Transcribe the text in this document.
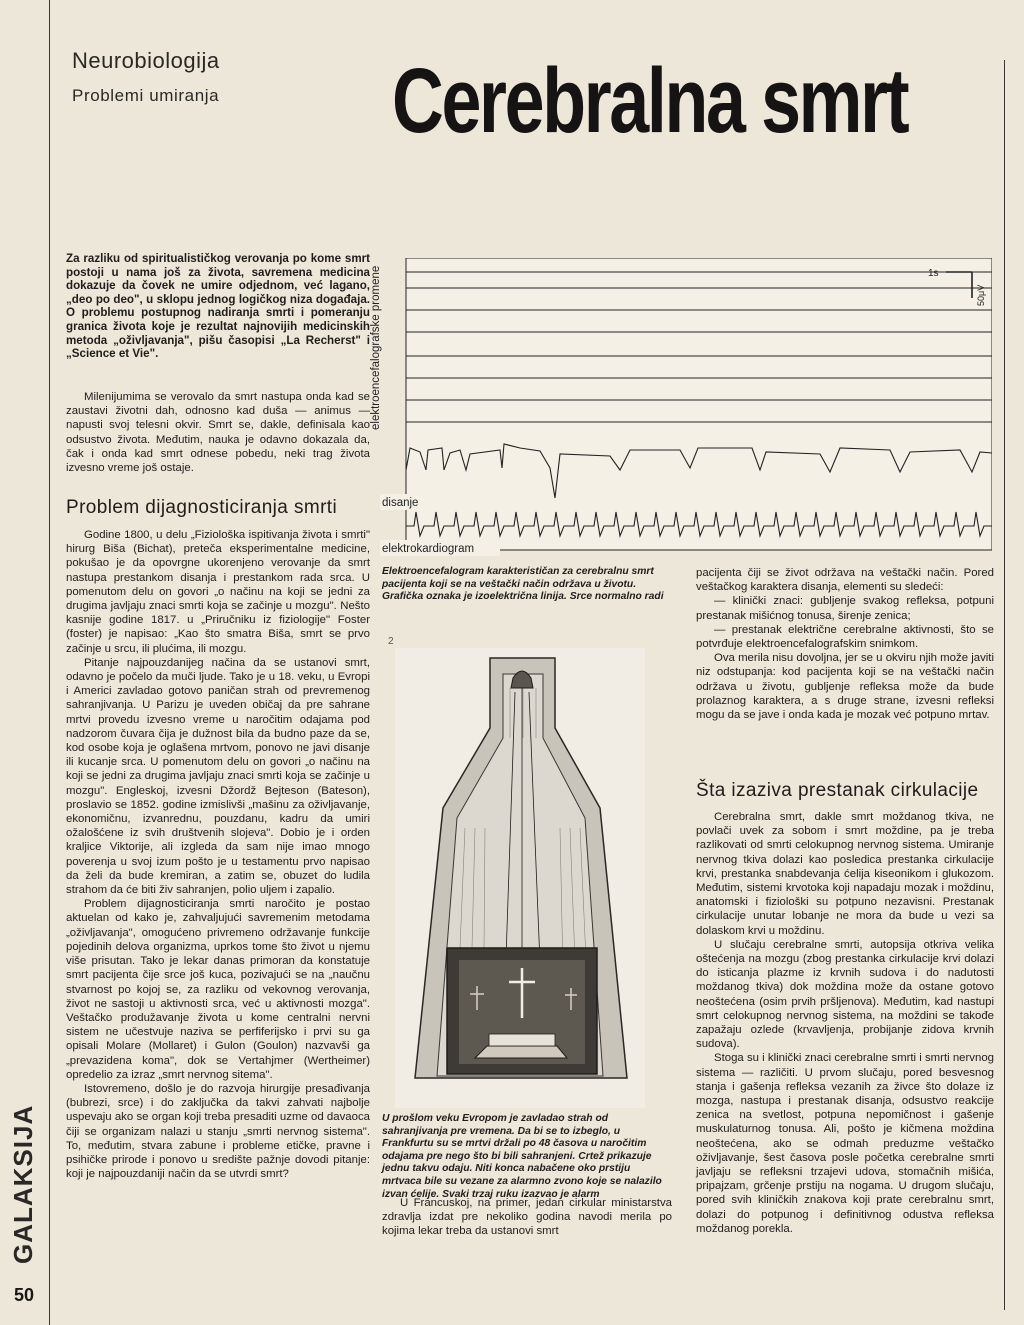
Neurobiologija
Problemi umiranja Cerebralna smrt
Za razliku od spiritualističkog verovanja po kome smrt postoji u nama još za života, savremena medicina dokazuje da čovek ne umire odjednom, već lagano, „deo po deo", u sklopu jednog logičkog niza događaja. O problemu postupnog nadiranja smrti i pomeranju granica života koje je rezultat najnovijih medicinskih metoda „oživljavanja", pišu časopisi „La Recherst" i „Science et Vie".
Milenijumima se verovalo da smrt nastupa onda kad se zaustavi životni dah, odnosno kad duša — animus — napusti svoj telesni okvir. Smrt se, dakle, definisala kao odsustvo života. Međutim, nauka je odavno dokazala da, čak i onda kad smrt odnese pobedu, neki trag života izvesno vreme još ostaje.
Problem dijagnosticiranja smrti

Godine 1800, u delu „Fiziološka ispitivanja života i smrti" hirurg Biša (Bichat), preteča eksperimentalne medicine, pokušao je da opovrgne ukorenjeno verovanje da smrt nastupa prestankom disanja i prestankom rada srca. U pomenutom delu on govori „o načinu na koji se jedni za drugima javljaju znaci smrti koja se začinje u mozgu". Nešto kasnije godine 1817. u „Priručniku iz fiziologije" Foster (foster) je napisao: „Kao što smatra Biša, smrt se prvo začinje u srcu, ili plućima, ili mozgu.

Pitanje najpouzdanijeg načina da se ustanovi smrt, odavno je počelo da muči ljude. Tako je u 18. veku, u Evropi i Americi zavladao gotovo paničan strah od prevremenog sahranjivanja. U Parizu je uveden običaj da pre sahrane mrtvi provedu izvesno vreme u naročitim odajama pod nadzorom čuvara čija je dužnost bila da budno paze da se, kod osobe koja je oglašena mrtvom, ponovo ne javi disanje ili kucanje srca. U pomenutom delu on govori „o načinu na koji se jedni za drugima javljaju znaci smrti koja se začinje u mozgu". Engleskoj, izvesni Džordž Bejteson (Bateson), proslavio se 1852. godine izmislivši „mašinu za oživljavanje, ekonomičnu, izvanrednu, pouzdanu, kadru da umiri ožalošćene iz svih društvenih slojeva". Dobio je i orden kraljice Viktorije, ali izgleda da sam nije imao mnogo poverenja u svoj izum pošto je u testamentu prvo napisao da želi da bude kremiran, a zatim se, obuzet do ludila strahom da će biti živ sahranjen, polio uljem i zapalio.

Problem dijagnosticiranja smrti naročito je postao aktuelan od kako je, zahvaljujući savremenim metodama „oživljavanja", omogućeno privremeno održavanje funkcije pojedinih delova organizma, uprkos tome što život u njemu više prisutan. Tako je lekar danas primoran da konstatuje smrt pacijenta čije srce još kuca, pozivajući se na „naučnu stvarnost po kojoj se, za razliku od vekovnog verovanja, život ne sastoji u aktivnosti srca, već u aktivnosti mozga". Veštačko produžavanje života u kome centralni nervni sistem ne učestvuje naziva se perfiferijsko i prvi su ga opisali Molare (Mollaret) i Gulon (Goulon) nazvavši ga „prevazidena koma", dok se Vertahjmer (Wertheimer) opredelio za izraz „smrt nervnog sitema".

Istovremeno, došlo je do razvoja hirurgije presađivanja (bubrezi, srce) i do zaključka da takvi zahvati najbolje uspevaju ako se organ koji treba presaditi uzme od davaoca čiji se organizam nalazi u stanju „smrti nervnog sistema". To, međutim, stvara zabune i probleme etičke, pravne i psihičke prirode i ponovo u središte pažnje dovodi pitanje: koji je najpouzdaniji način da se utvrdi smrt?

disanje
elektrokardiogram
1s
50μV
elektroencefalografske promene
Elektroencefalogram karakterističan za cerebralnu smrt pacijenta koji se na veštački način održava u životu. Grafička oznaka je izoelektrična linija. Srce normalno radi
2
U prošlom veku Evropom je zavladao strah od sahranjivanja pre vremena. Da bi se to izbeglo, u Frankfurtu su se mrtvi držali po 48 časova u naročitim odajama pre nego što bi bili sahranjeni. Crtež prikazuje jednu takvu odaju. Niti konca nabačene oko prstiju mrtvaca bile su vezane za alarmno zvono koje se nalazilo izvan ćelije. Svaki trzaj ruku izazvao je alarm

U Francuskoj, na primer, jedan cirkular ministarstva zdravlja izdat pre nekoliko godina navodi merila po kojima lekar treba da ustanovi smrt

pacijenta čiji se život održava na veštački način. Pored veštačkog karaktera disanja, elementi su sledeći:

— klinički znaci: gubljenje svakog refleksa, potpuni prestanak mišićnog tonusa, širenje zenica;

— prestanak električne cerebralne aktivnosti, što se potvrđuje elektroencefalografskim snimkom.

Ova merila nisu dovoljna, jer se u okviru njih može javiti niz odstupanja: kod pacijenta koji se na veštački način održava u životu, gubljenje refleksa može da bude prolaznog karaktera, a s druge strane, izvesni refleksi mogu da se jave i onda kada je mozak već potpuno mrtav.

Šta izaziva prestanak cirkulacije

Cerebralna smrt, dakle smrt moždanog tkiva, ne povlači uvek za sobom i smrt moždine, pa je treba razlikovati od smrti celokupnog nervnog sistema. Umiranje nervnog tkiva dolazi kao posledica prestanka cirkulacije krvi, prestanka snabdevanja ćelija kiseonikom i glukozom. Međutim, sistemi krvotoka koji napadaju mozak i moždinu, anatomski i fiziološki su potpuno nezavisni. Prestanak cirkulacije unutar lobanje ne mora da bude u vezi sa dolaskom krvi u moždinu.

U slučaju cerebralne smrti, autopsija otkriva velika oštećenja na mozgu (zbog prestanka cirkulacije krvi dolazi do isticanja plazme iz krvnih sudova i do nadutosti moždanog tkiva) dok moždina može da ostane gotovo neoštećena (osim prvih pršljenova). Međutim, kad nastupi smrt celokupnog nervnog sistema, na moždini se takođe zapažaju ozlede (krvavljenja, probijanje zidova krvnih sudova).

Stoga su i klinički znaci cerebralne smrti i smrti nervnog sistema — različiti. U prvom slučaju, pored besvesnog stanja i gašenja refleksa vezanih za živce što dolaze iz mozga, nastupa i prestanak disanja, odsustvo reakcije zenica na svetlost, potpuna nepomičnost i gašenje muskulaturnog tonusa. Ali, pošto je kičmena moždina neoštećena, ako se odmah preduzme veštačko oživljavanje, šest časova posle početka cerebralne smrti javljaju se refleksni trzajevi udova, stomačnih mišića, pripajzam, grčenje prstiju na nogama. U drugom slučaju, pored svih kliničkih znakova koji prate cerebralnu smrt, dolazi do potpunog i definitivnog odustva refleksa moždanog porekla.

GALAKSIJA
50
